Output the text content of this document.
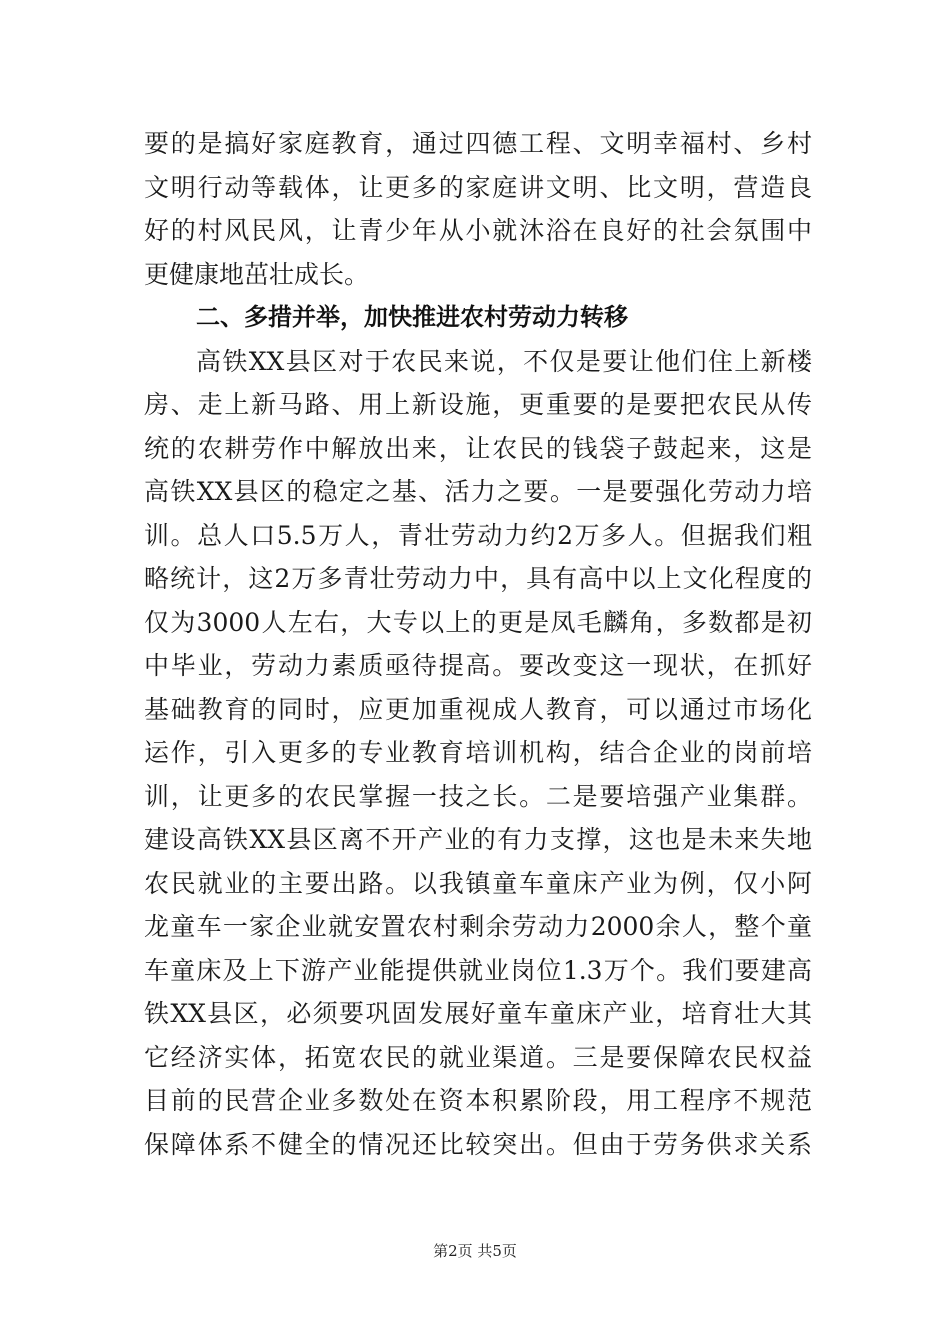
要的是搞好家庭教育，通过四德工程、文明幸福村、乡村
文明行动等载体，让更多的家庭讲文明、比文明，营造良
好的村风民风，让青少年从小就沐浴在良好的社会氛围中
更健康地茁壮成长。
二、多措并举，加快推进农村劳动力转移
高铁XX县区对于农民来说，不仅是要让他们住上新楼
房、走上新马路、用上新设施，更重要的是要把农民从传
统的农耕劳作中解放出来，让农民的钱袋子鼓起来，这是
高铁XX县区的稳定之基、活力之要。一是要强化劳动力培
训。总人口5.5万人，青壮劳动力约2万多人。但据我们粗
略统计，这2万多青壮劳动力中，具有高中以上文化程度的
仅为3000人左右，大专以上的更是凤毛麟角，多数都是初
中毕业，劳动力素质亟待提高。要改变这一现状，在抓好
基础教育的同时，应更加重视成人教育，可以通过市场化
运作，引入更多的专业教育培训机构，结合企业的岗前培
训，让更多的农民掌握一技之长。二是要培强产业集群。
建设高铁XX县区离不开产业的有力支撑，这也是未来失地
农民就业的主要出路。以我镇童车童床产业为例，仅小阿
龙童车一家企业就安置农村剩余劳动力2000余人，整个童
车童床及上下游产业能提供就业岗位1.3万个。我们要建高
铁XX县区，必须要巩固发展好童车童床产业，培育壮大其
它经济实体，拓宽农民的就业渠道。三是要保障农民权益
目前的民营企业多数处在资本积累阶段，用工程序不规范
保障体系不健全的情况还比较突出。但由于劳务供求关系
第2页 共5页
